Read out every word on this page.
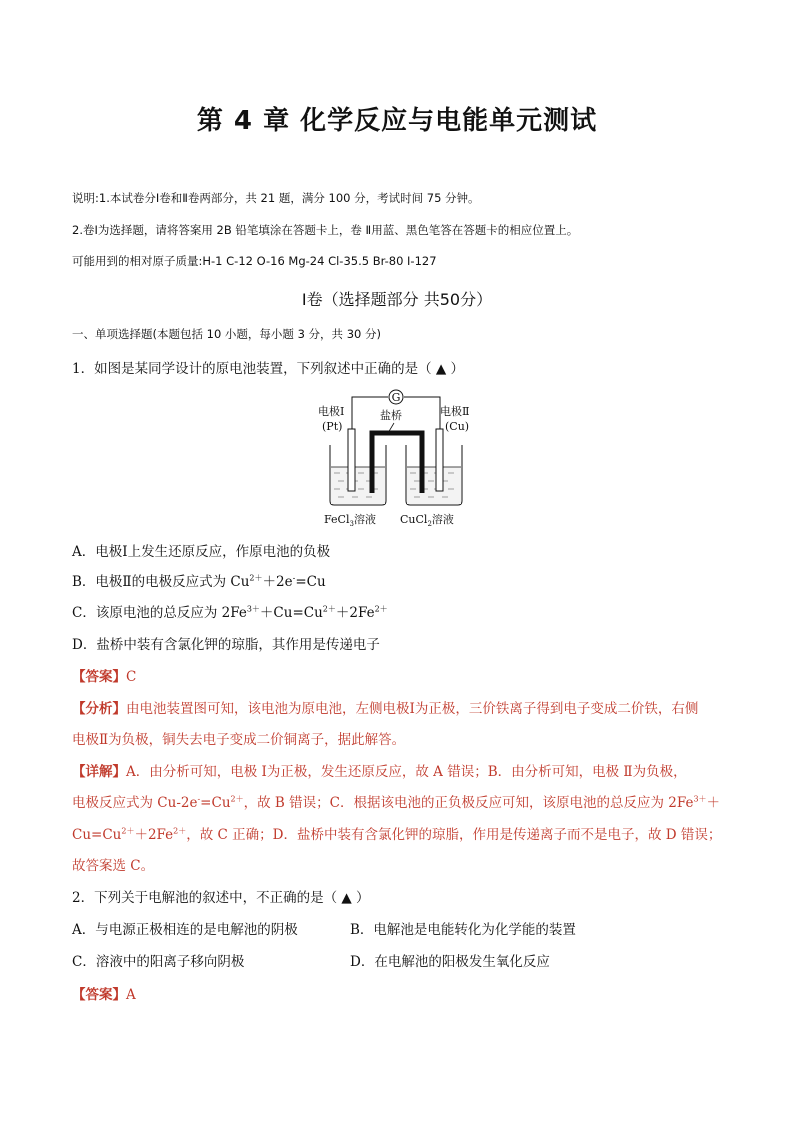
第 4 章 化学反应与电能单元测试
说明:1.本试卷分Ⅰ卷和Ⅱ卷两部分，共 21 题，满分 100 分，考试时间 75 分钟。
2.卷Ⅰ为选择题，请将答案用 2B 铅笔填涂在答题卡上，卷 Ⅱ用蓝、黑色笔答在答题卡的相应位置上。
可能用到的相对原子质量:H-1 C-12 O-16 Mg-24 Cl-35.5 Br-80 I-127
Ⅰ卷（选择题部分 共50分）
一、单项选择题(本题包括 10 小题，每小题 3 分，共 30 分)
1．如图是某同学设计的原电池装置，下列叙述中正确的是（ ▲ ）
G
电极Ⅰ
(Pt)
盐桥	电极Ⅱ
(Cu)
FeCl$_3$溶液 CuCl$_2$溶液
A．电极Ⅰ上发生还原反应，作原电池的负极
B．电极Ⅱ的电极反应式为 $Cu^{2+}+2e^-=Cu$
C．该原电池的总反应为 $2Fe^{3+}+Cu=Cu^{2+}+2Fe^{2+}$
D．盐桥中装有含氯化钾的琼脂，其作用是传递电子
【答案】C
【分析】由电池装置图可知，该电池为原电池，左侧电极Ⅰ为正极，三价铁离子得到电子变成二价铁，右侧
电极Ⅱ为负极，铜失去电子变成二价铜离子，据此解答。
【详解】A．由分析可知，电极 Ⅰ为正极，发生还原反应，故 A 错误；B．由分析可知，电极 Ⅱ为负极，
电极反应式为 $Cu-2e^-=Cu^{2+}$，故 B 错误；C．根据该电池的正负极反应可知，该原电池的总反应为 $2Fe^{3+}+$
$Cu=Cu^{2+}+2Fe^{2+}$，故 C 正确；D．盐桥中装有含氯化钾的琼脂，作用是传递离子而不是电子，故 D 错误；
故答案选 C。
2．下列关于电解池的叙述中，不正确的是（ ▲ ）
A．与电源正极相连的是电解池的阴极	B．电解池是电能转化为化学能的装置
C．溶液中的阳离子移向阴极	D．在电解池的阳极发生氧化反应
【答案】A
